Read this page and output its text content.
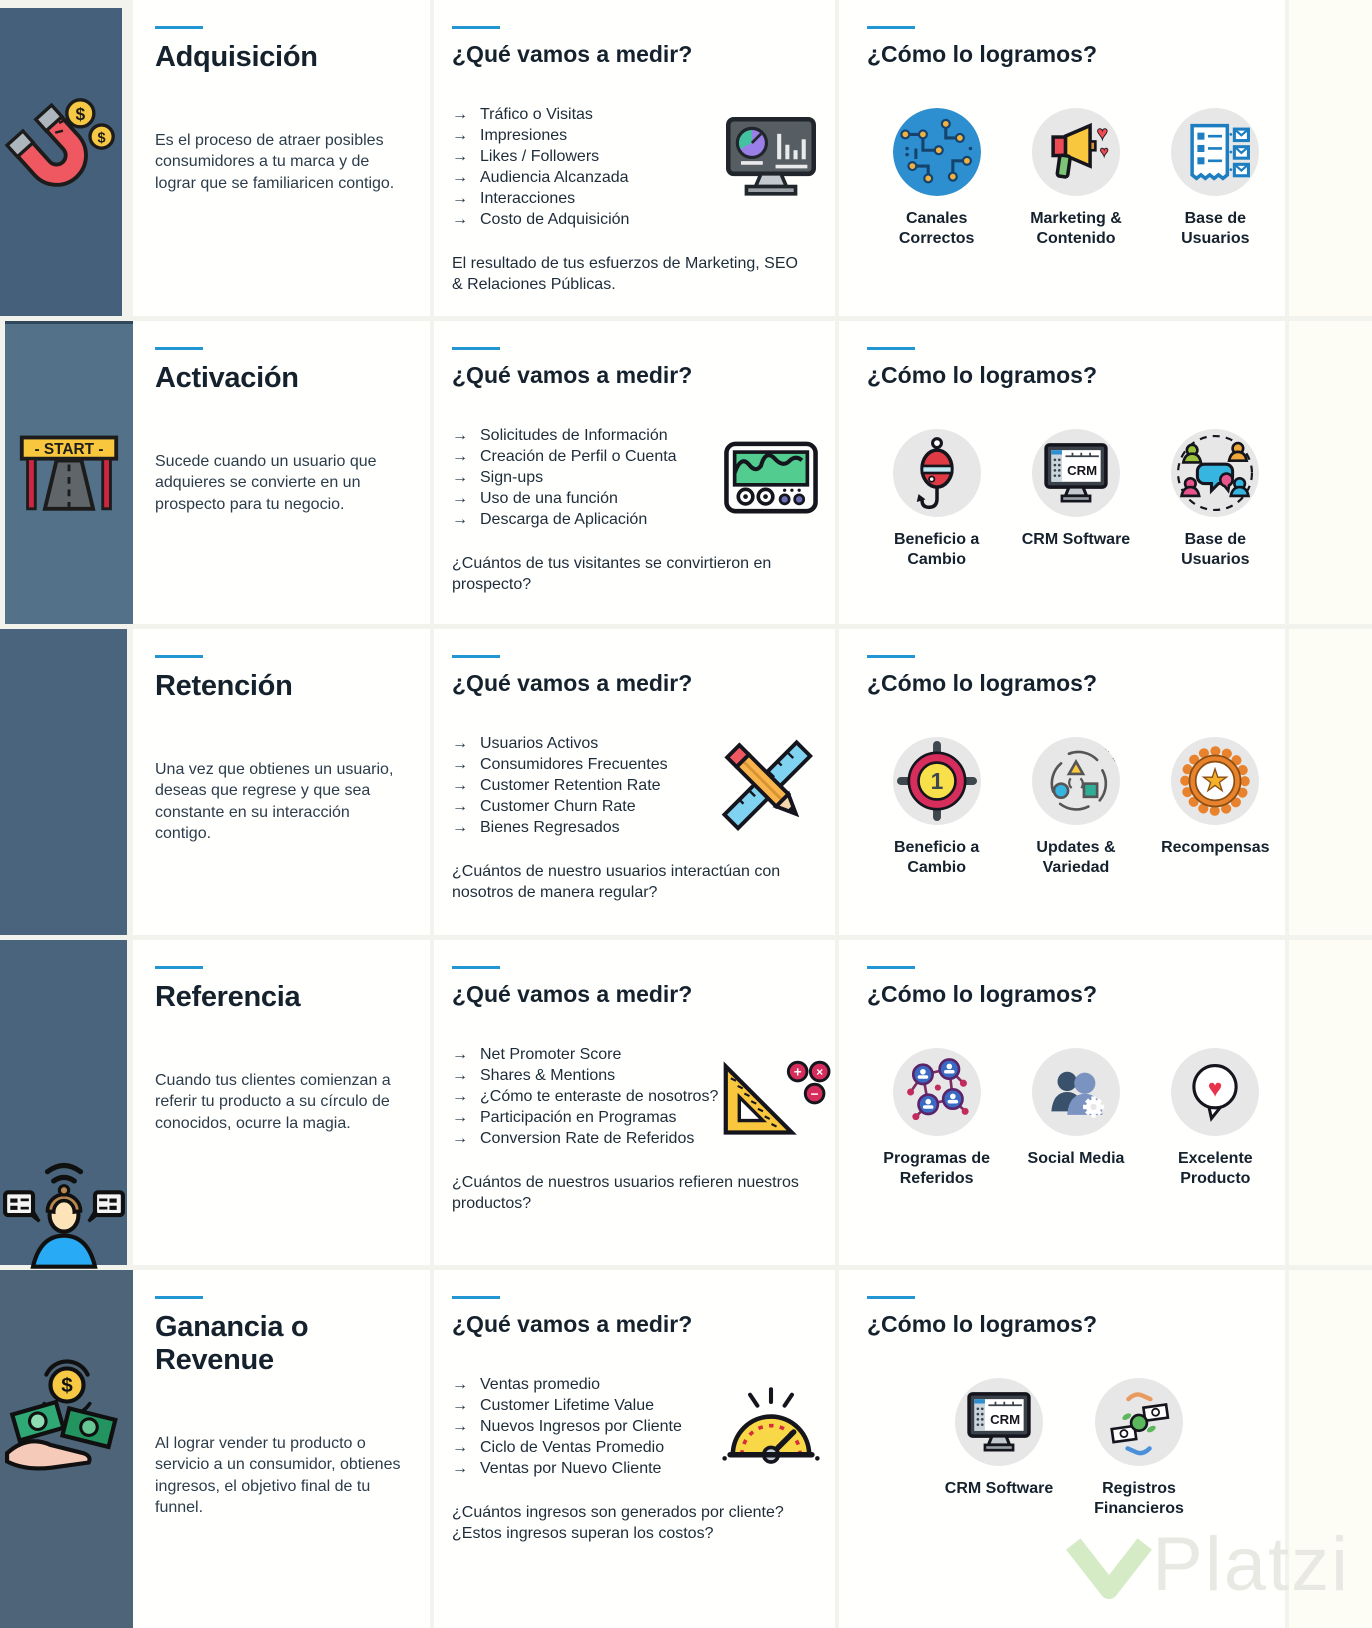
$
$
Adquisición

Es el proceso de atraer posibles consumidores a tu marca y de lograr que se familiaricen contigo.

¿Qué vamos a medir?
→ Tráfico o Visitas
→ Impresiones
→ Likes / Followers
→ Audiencia Alcanzada
→ Interacciones
→ Costo de Adquisición

El resultado de tus esfuerzos de Marketing, SEO & Relaciones Públicas.

¿Cómo lo logramos?
Canales Correctos
♥
♥
Marketing & Contenido
Base de Usuarios
- START -
Activación

Sucede cuando un usuario que adquieres se convierte en un prospecto para tu negocio.

¿Qué vamos a medir?
→ Solicitudes de Información
→ Creación de Perfil o Cuenta
→ Sign-ups
→ Uso de una función
→ Descarga de Aplicación

¿Cuántos de tus visitantes se convirtieron en prospecto?

¿Cómo lo logramos?
Beneficio a Cambio
CRM
CRM Software	Base de Usuarios
Retención

Una vez que obtienes un usuario, deseas que regrese y que sea constante en su interacción contigo.

¿Qué vamos a medir?
→ Usuarios Activos
→ Consumidores Frecuentes
→ Customer Retention Rate
→ Customer Churn Rate
→ Bienes Regresados

¿Cuántos de nuestro usuarios interactúan con nosotros de manera regular?

¿Cómo lo logramos?
1
Beneficio a Cambio
+
+
Updates & Variedad
★
Recompensas
Referencia

Cuando tus clientes comienzan a referir tu producto a su círculo de conocidos, ocurre la magia.

¿Qué vamos a medir?
→ Net Promoter Score
→ Shares & Mentions
→ ¿Cómo te enteraste de nosotros?
→ Participación en Programas
→ Conversion Rate de Referidos

¿Cuántos de nuestros usuarios refieren nuestros productos?

+ ×
−
¿Cómo lo logramos?
Programas de Referidos
Social Media
♥
Excelente Producto
$
Ganancia o Revenue

Al lograr vender tu producto o servicio a un consumidor, obtienes ingresos, el objetivo final de tu funnel.

¿Qué vamos a medir?
→ Ventas promedio
→ Customer Lifetime Value
→ Nuevos Ingresos por Cliente
→ Ciclo de Ventas Promedio
→ Ventas por Nuevo Cliente

¿Cuántos ingresos son generados por cliente? ¿Estos ingresos superan los costos?

¿Cómo lo logramos?
CRM
CRM Software	Registros Financieros
Platzi
